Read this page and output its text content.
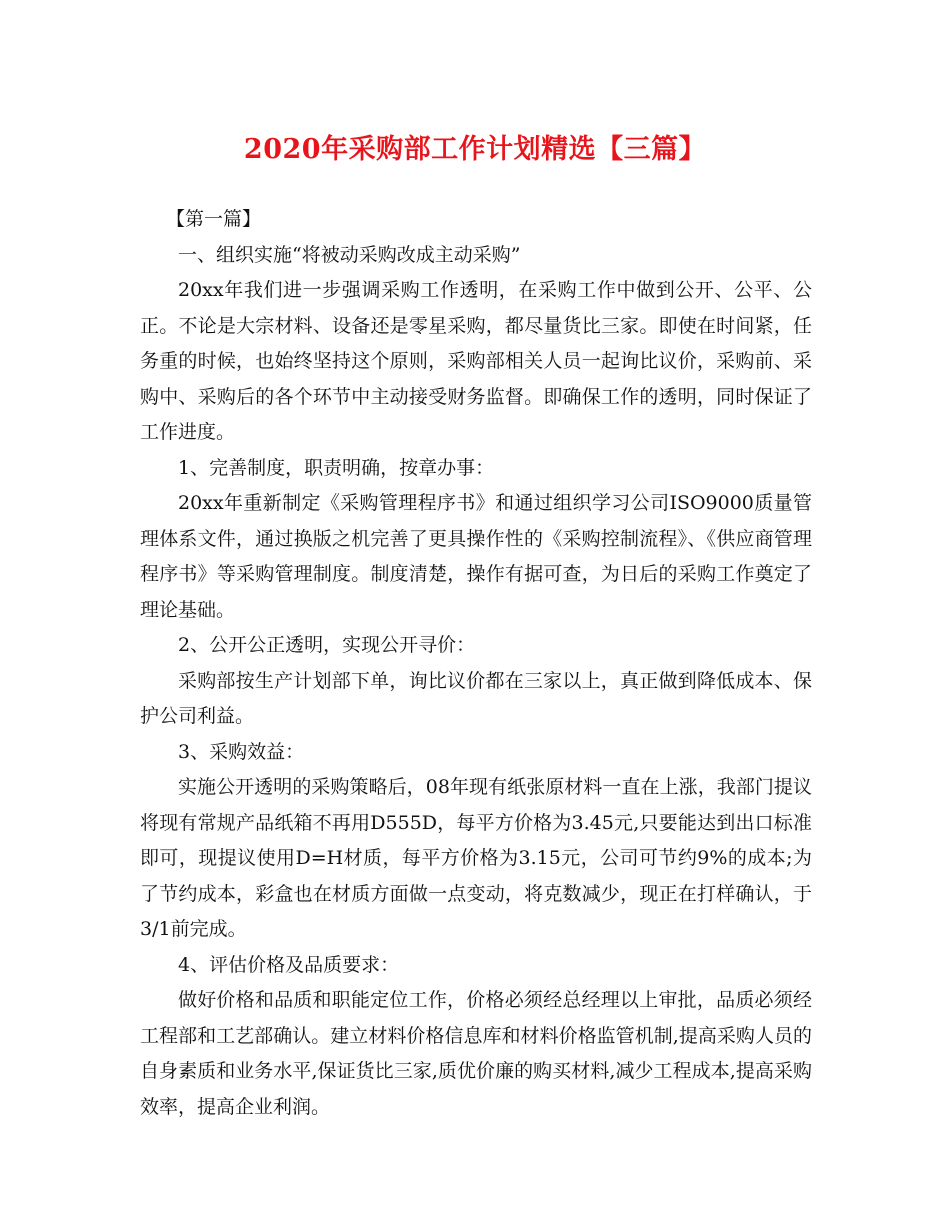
2020年采购部工作计划精选【三篇】

【第一篇】

一、组织实施“将被动采购改成主动采购”

20xx年我们进一步强调采购工作透明，在采购工作中做到公开、公平、公正。不论是大宗材料、设备还是零星采购，都尽量货比三家。即使在时间紧，任务重的时候，也始终坚持这个原则，采购部相关人员一起询比议价，采购前、采购中、采购后的各个环节中主动接受财务监督。即确保工作的透明，同时保证了工作进度。

1、完善制度，职责明确，按章办事：

20xx年重新制定《采购管理程序书》和通过组织学习公司ISO9000质量管理体系文件，通过换版之机完善了更具操作性的《采购控制流程》、《供应商管理程序书》等采购管理制度。制度清楚，操作有据可查，为日后的采购工作奠定了理论基础。

2、公开公正透明，实现公开寻价：

采购部按生产计划部下单，询比议价都在三家以上，真正做到降低成本、保护公司利益。

3、采购效益：

实施公开透明的采购策略后，08年现有纸张原材料一直在上涨，我部门提议将现有常规产品纸箱不再用D555D，每平方价格为3.45元,只要能达到出口标准即可，现提议使用D=H材质，每平方价格为3.15元，公司可节约9%的成本;为了节约成本，彩盒也在材质方面做一点变动，将克数减少，现正在打样确认，于3/1前完成。

4、评估价格及品质要求：

做好价格和品质和职能定位工作，价格必须经总经理以上审批，品质必须经工程部和工艺部确认。建立材料价格信息库和材料价格监管机制,提高采购人员的自身素质和业务水平,保证货比三家,质优价廉的购买材料,减少工程成本,提高采购效率，提高企业利润。
